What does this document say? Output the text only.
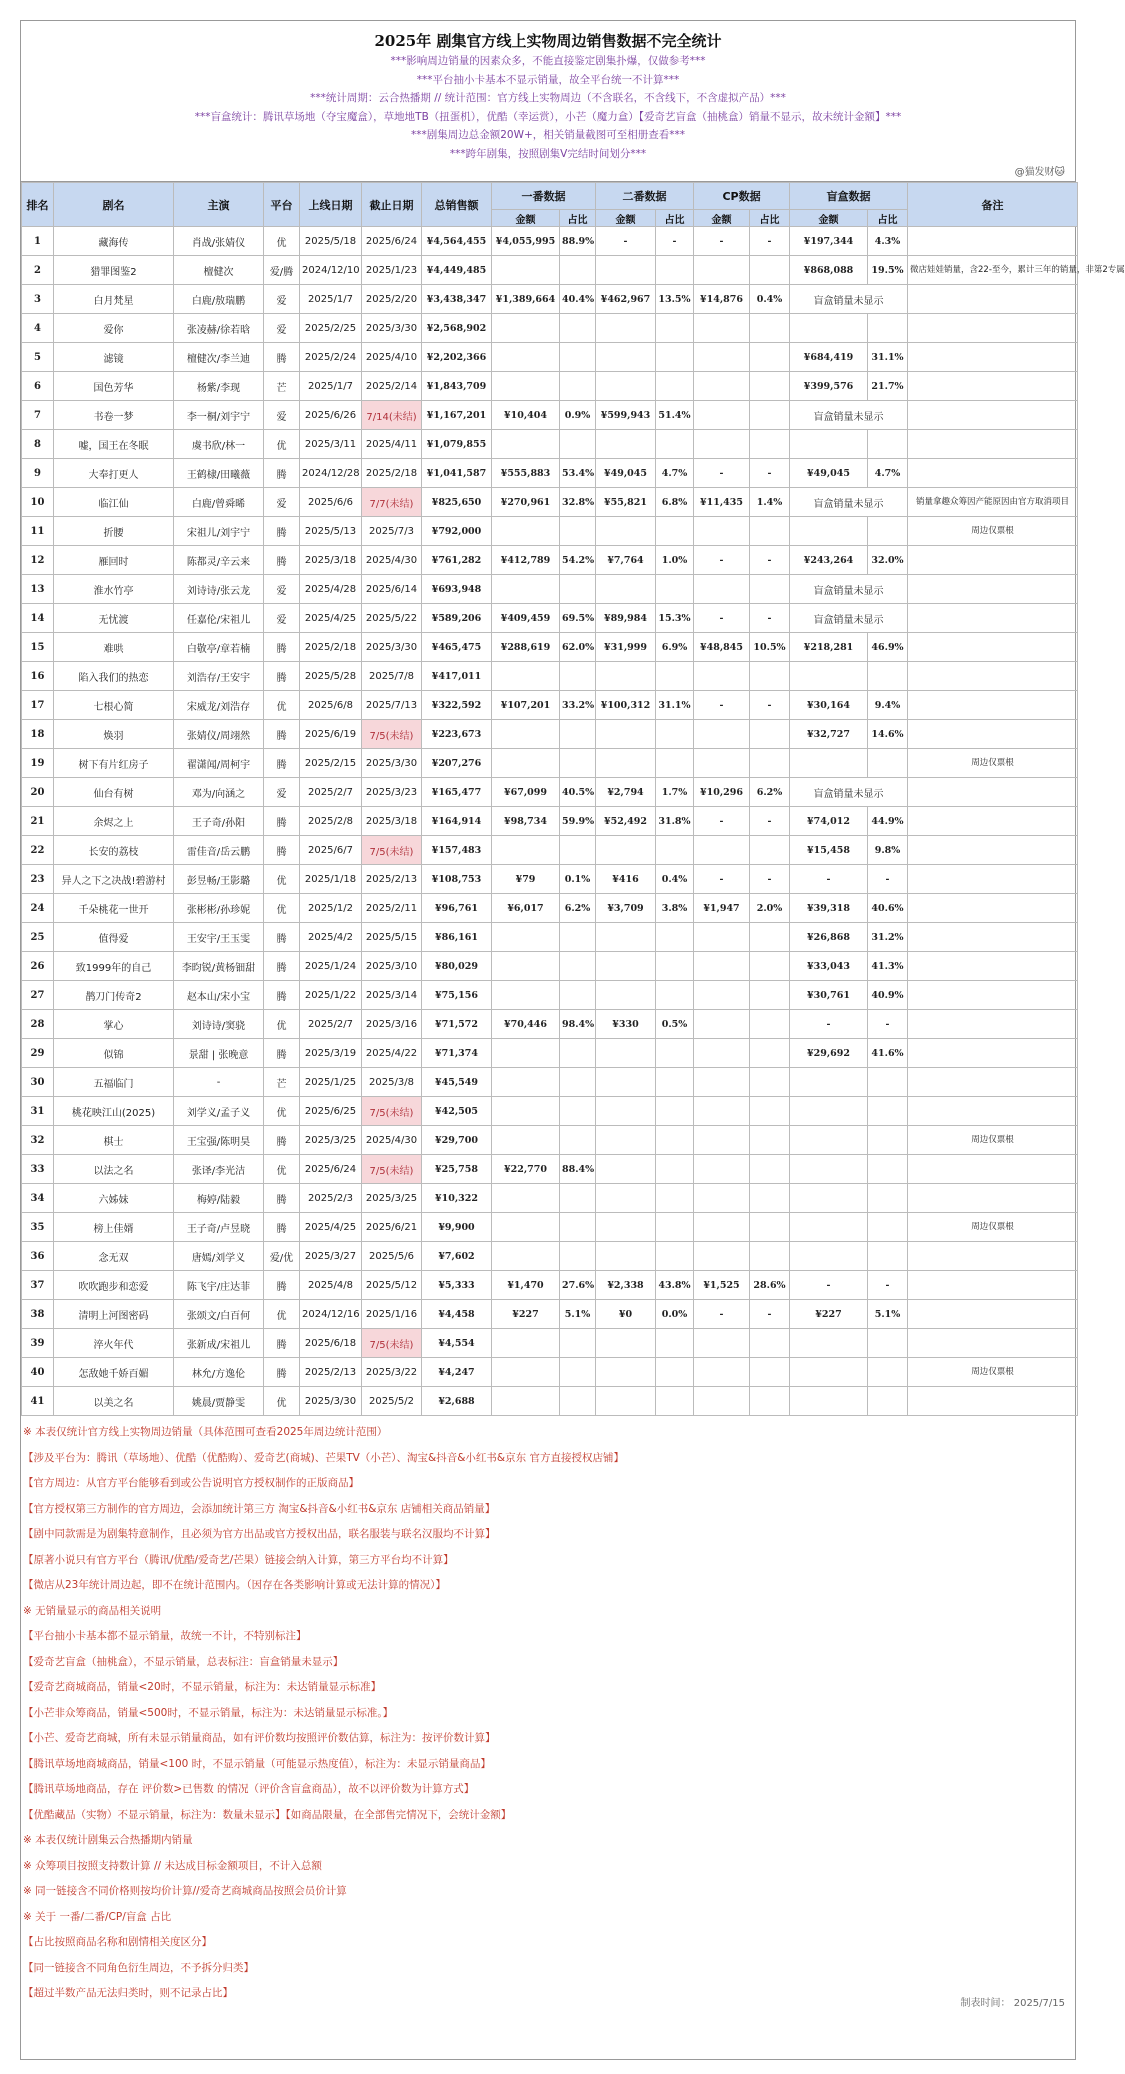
2025年 剧集官方线上实物周边销售数据不完全统计
***影响周边销量的因素众多，不能直接鉴定剧集扑爆，仅做参考***
***平台抽小卡基本不显示销量，故全平台统一不计算***
***统计周期：云合热播期 // 统计范围：官方线上实物周边（不含联名，不含线下，不含虚拟产品）***
***盲盒统计：腾讯草场地（夺宝魔盒），草地地TB（扭蛋机），优酷（幸运赏），小芒（魔力盒）【爱奇艺盲盒（抽桃盒）销量不显示，故未统计金额】***
***剧集周边总金额20W+，相关销量截图可至相册查看***
***跨年剧集，按照剧集V完结时间划分***
@猫发财🐱
排名	剧名	主演	平台	上线日期	截止日期	总销售额	一番数据		二番数据		CP数据		盲盒数据		备注
							金额	占比	金额	占比	金额	占比	金额	占比	
1	藏海传	肖战/张婧仪	优	2025/5/18	2025/6/24	¥4,564,455	¥4,055,995	88.9%	-	-	-	-	¥197,344	4.3%	
2	猎罪图鉴2	檀健次	爱/腾	2024/12/10	2025/1/23	¥4,449,485							¥868,088	19.5%	微店娃娃销量，含22-至今，累计三年的销量，非第2专属
3	白月梵星	白鹿/敖瑞鹏	爱	2025/1/7	2025/2/20	¥3,438,347	¥1,389,664	40.4%	¥462,967	13.5%	¥14,876	0.4%	盲盒销量未显示		
4	爱你	张凌赫/徐若晗	爱	2025/2/25	2025/3/30	¥2,568,902									
5	滤镜	檀健次/李兰迪	腾	2025/2/24	2025/4/10	¥2,202,366							¥684,419	31.1%	
6	国色芳华	杨紫/李现	芒	2025/1/7	2025/2/14	¥1,843,709							¥399,576	21.7%	
7	书卷一梦	李一桐/刘宇宁	爱	2025/6/26	7/14(未结)	¥1,167,201	¥10,404	0.9%	¥599,943	51.4%			盲盒销量未显示		
8	嘘，国王在冬眠	虞书欣/林一	优	2025/3/11	2025/4/11	¥1,079,855									
9	大奉打更人	王鹤棣/田曦薇	腾	2024/12/28	2025/2/18	¥1,041,587	¥555,883	53.4%	¥49,045	4.7%	-	-	¥49,045	4.7%	
10	临江仙	白鹿/曾舜晞	爱	2025/6/6	7/7(未结)	¥825,650	¥270,961	32.8%	¥55,821	6.8%	¥11,435	1.4%	盲盒销量未显示		销量拿趣众筹因产能原因由官方取消项目
11	折腰	宋祖儿/刘宇宁	腾	2025/5/13	2025/7/3	¥792,000									周边仅票根
12	雁回时	陈都灵/辛云来	腾	2025/3/18	2025/4/30	¥761,282	¥412,789	54.2%	¥7,764	1.0%	-	-	¥243,264	32.0%	
13	淮水竹亭	刘诗诗/张云龙	爱	2025/4/28	2025/6/14	¥693,948							盲盒销量未显示		
14	无忧渡	任嘉伦/宋祖儿	爱	2025/4/25	2025/5/22	¥589,206	¥409,459	69.5%	¥89,984	15.3%	-	-	盲盒销量未显示		
15	难哄	白敬亭/章若楠	腾	2025/2/18	2025/3/30	¥465,475	¥288,619	62.0%	¥31,999	6.9%	¥48,845	10.5%	¥218,281	46.9%	
16	陷入我们的热恋	刘浩存/王安宇	腾	2025/5/28	2025/7/8	¥417,011									
17	七根心简	宋威龙/刘浩存	优	2025/6/8	2025/7/13	¥322,592	¥107,201	33.2%	¥100,312	31.1%	-	-	¥30,164	9.4%	
18	焕羽	张婧仪/周翊然	腾	2025/6/19	7/5(未结)	¥223,673							¥32,727	14.6%	
19	树下有片红房子	翟潇闻/周柯宇	腾	2025/2/15	2025/3/30	¥207,276									周边仅票根
20	仙台有树	邓为/向涵之	爱	2025/2/7	2025/3/23	¥165,477	¥67,099	40.5%	¥2,794	1.7%	¥10,296	6.2%	盲盒销量未显示		
21	余烬之上	王子奇/孙阳	腾	2025/2/8	2025/3/18	¥164,914	¥98,734	59.9%	¥52,492	31.8%	-	-	¥74,012	44.9%	
22	长安的荔枝	雷佳音/岳云鹏	腾	2025/6/7	7/5(未结)	¥157,483							¥15,458	9.8%	
23	异人之下之决战!碧游村	彭昱畅/王影璐	优	2025/1/18	2025/2/13	¥108,753	¥79	0.1%	¥416	0.4%	-	-	-	-	
24	千朵桃花一世开	张彬彬/孙珍妮	优	2025/1/2	2025/2/11	¥96,761	¥6,017	6.2%	¥3,709	3.8%	¥1,947	2.0%	¥39,318	40.6%	
25	值得爱	王安宇/王玉雯	腾	2025/4/2	2025/5/15	¥86,161							¥26,868	31.2%	
26	致1999年的自己	李昀锐/黄杨钿甜	腾	2025/1/24	2025/3/10	¥80,029							¥33,043	41.3%	
27	鹊刀门传奇2	赵本山/宋小宝	腾	2025/1/22	2025/3/14	¥75,156							¥30,761	40.9%	
28	掌心	刘诗诗/窦骁	优	2025/2/7	2025/3/16	¥71,572	¥70,446	98.4%	¥330	0.5%			-	-	
29	似锦	景甜 | 张晚意	腾	2025/3/19	2025/4/22	¥71,374							¥29,692	41.6%	
30	五福临门	-	芒	2025/1/25	2025/3/8	¥45,549									
31	桃花映江山(2025)	刘学义/孟子义	优	2025/6/25	7/5(未结)	¥42,505									
32	棋士	王宝强/陈明昊	腾	2025/3/25	2025/4/30	¥29,700									周边仅票根
33	以法之名	张译/李光洁	优	2025/6/24	7/5(未结)	¥25,758	¥22,770	88.4%							
34	六姊妹	梅婷/陆毅	腾	2025/2/3	2025/3/25	¥10,322									
35	榜上佳婿	王子奇/卢昱晓	腾	2025/4/25	2025/6/21	¥9,900									周边仅票根
36	念无双	唐嫣/刘学义	爱/优	2025/3/27	2025/5/6	¥7,602									
37	吹吹跑步和恋爱	陈飞宇/庄达菲	腾	2025/4/8	2025/5/12	¥5,333	¥1,470	27.6%	¥2,338	43.8%	¥1,525	28.6%	-	-	
38	清明上河图密码	张颂文/白百何	优	2024/12/16	2025/1/16	¥4,458	¥227	5.1%	¥0	0.0%	-	-	¥227	5.1%	
39	淬火年代	张新成/宋祖儿	腾	2025/6/18	7/5(未结)	¥4,554									
40	怎敌她千娇百媚	林允/方逸伦	腾	2025/2/13	2025/3/22	¥4,247									周边仅票根
41	以美之名	姚晨/贾静雯	优	2025/3/30	2025/5/2	¥2,688									
※ 本表仅统计官方线上实物周边销量（具体范围可查看2025年周边统计范围）
【涉及平台为：腾讯（草场地）、优酷（优酷购）、爱奇艺(商城)、芒果TV（小芒）、淘宝&抖音&小红书&京东 官方直接授权店铺】
【官方周边：从官方平台能够看到或公告说明官方授权制作的正版商品】
【官方授权第三方制作的官方周边，会添加统计第三方 淘宝&抖音&小红书&京东 店铺相关商品销量】
【剧中同款需是为剧集特意制作，且必须为官方出品或官方授权出品，联名服装与联名汉服均不计算】
【原著小说只有官方平台（腾讯/优酷/爱奇艺/芒果）链接会纳入计算，第三方平台均不计算】
【微店从23年统计周边起，即不在统计范围内。（因存在各类影响计算或无法计算的情况）】
※ 无销量显示的商品相关说明
【平台抽小卡基本都不显示销量，故统一不计，不特别标注】
【爱奇艺盲盒（抽桃盒），不显示销量，总表标注：盲盒销量未显示】
【爱奇艺商城商品，销量<20时，不显示销量，标注为：未达销量显示标准】
【小芒非众筹商品，销量<500时，不显示销量，标注为：未达销量显示标准。】
【小芒、爱奇艺商城，所有未显示销量商品，如有评价数均按照评价数估算，标注为：按评价数计算】
【腾讯草场地商城商品，销量<100 时，不显示销量（可能显示热度值），标注为：未显示销量商品】
【腾讯草场地商品，存在 评价数>已售数 的情况（评价含盲盒商品），故不以评价数为计算方式】
【优酷藏品（实物）不显示销量，标注为：数量未显示】【如商品限量，在全部售完情况下，会统计金额】
※ 本表仅统计剧集云合热播期内销量
※ 众筹项目按照支持数计算 // 未达成目标金额项目，不计入总额
※ 同一链接含不同价格则按均价计算//爱奇艺商城商品按照会员价计算
※ 关于 一番/二番/CP/盲盒 占比
【占比按照商品名称和剧情相关度区分】
【同一链接含不同角色衍生周边，不予拆分归类】
【超过半数产品无法归类时，则不记录占比】
制表时间： 2025/7/15
